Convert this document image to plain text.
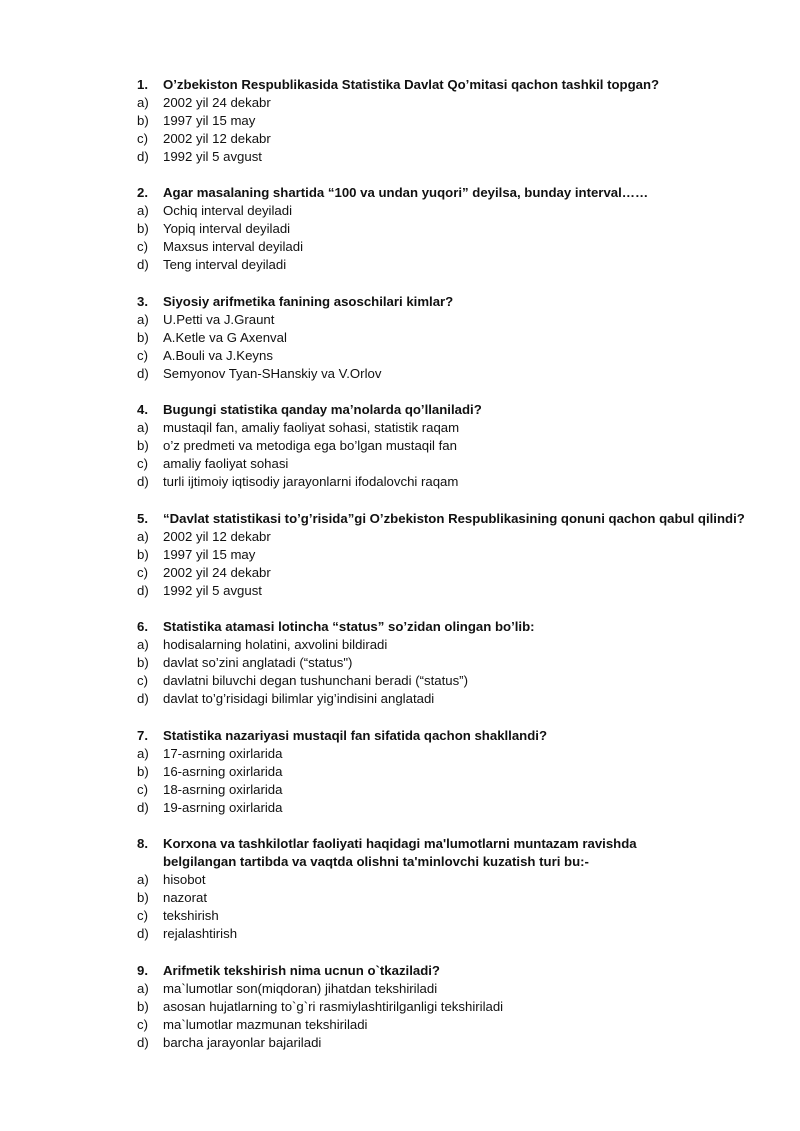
1.	O’zbekiston Respublikasida Statistika Davlat Qo’mitasi qachon tashkil topgan?
a)	2002 yil 24 dekabr
b)	1997 yil 15 may
c)	2002 yil 12 dekabr
d)	1992 yil 5 avgust
2.	Agar masalaning shartida “100 va undan yuqori” deyilsa, bunday interval……
a)	Ochiq interval deyiladi
b)	Yopiq interval deyiladi
c)	Maxsus interval deyiladi
d)	Teng interval deyiladi
3.	Siyosiy arifmetika fanining asoschilari kimlar?
a)	U.Petti va J.Graunt
b)	A.Ketle va G Axenval
c)	A.Bouli va J.Keyns
d)	Semyonov Tyan-SHanskiy va V.Orlov
4.	Bugungi statistika qanday ma’nolarda qo’llaniladi?
a)	mustaqil fan, amaliy faoliyat sohasi, statistik raqam
b)	o’z predmeti va metodiga ega bo’lgan mustaqil fan
c)	amaliy faoliyat sohasi
d)	turli ijtimoiy iqtisodiy jarayonlarni ifodalovchi raqam
5.	“Davlat statistikasi to’g’risida”gi O’zbekiston Respublikasining qonuni qachon qabul qilindi?
a)	2002 yil 12 dekabr
b)	1997 yil 15 may
c)	2002 yil 24 dekabr
d)	1992 yil 5 avgust
6.	Statistika atamasi lotincha “status” so’zidan olingan bo’lib:
a)	hodisalarning holatini, axvolini bildiradi
b)	davlat so’zini anglatadi (“status")
c)	davlatni biluvchi degan tushunchani beradi (“status”)
d)	davlat to’g’risidagi bilimlar yig’indisini anglatadi
7.	Statistika nazariyasi mustaqil fan sifatida qachon shakllandi?
a)	17-asrning oxirlarida
b)	16-asrning oxirlarida
c)	18-asrning oxirlarida
d)	19-asrning oxirlarida
8.	Korxona va tashkilotlar faoliyati haqidagi ma'lumotlarni muntazam ravishda belgilangan tartibda va vaqtda olishni ta'minlovchi kuzatish turi bu:-
a)	hisobot
b)	nazorat
c)	tekshirish
d)	rejalashtirish
9.	Arifmetik tekshirish nima ucnun o`tkaziladi?
a)	ma`lumotlar son(miqdoran) jihatdan tekshiriladi
b)	asosan hujatlarning to`g`ri rasmiylashtirilganligi tekshiriladi
c)	ma`lumotlar mazmunan tekshiriladi
d)	barcha jarayonlar bajariladi
